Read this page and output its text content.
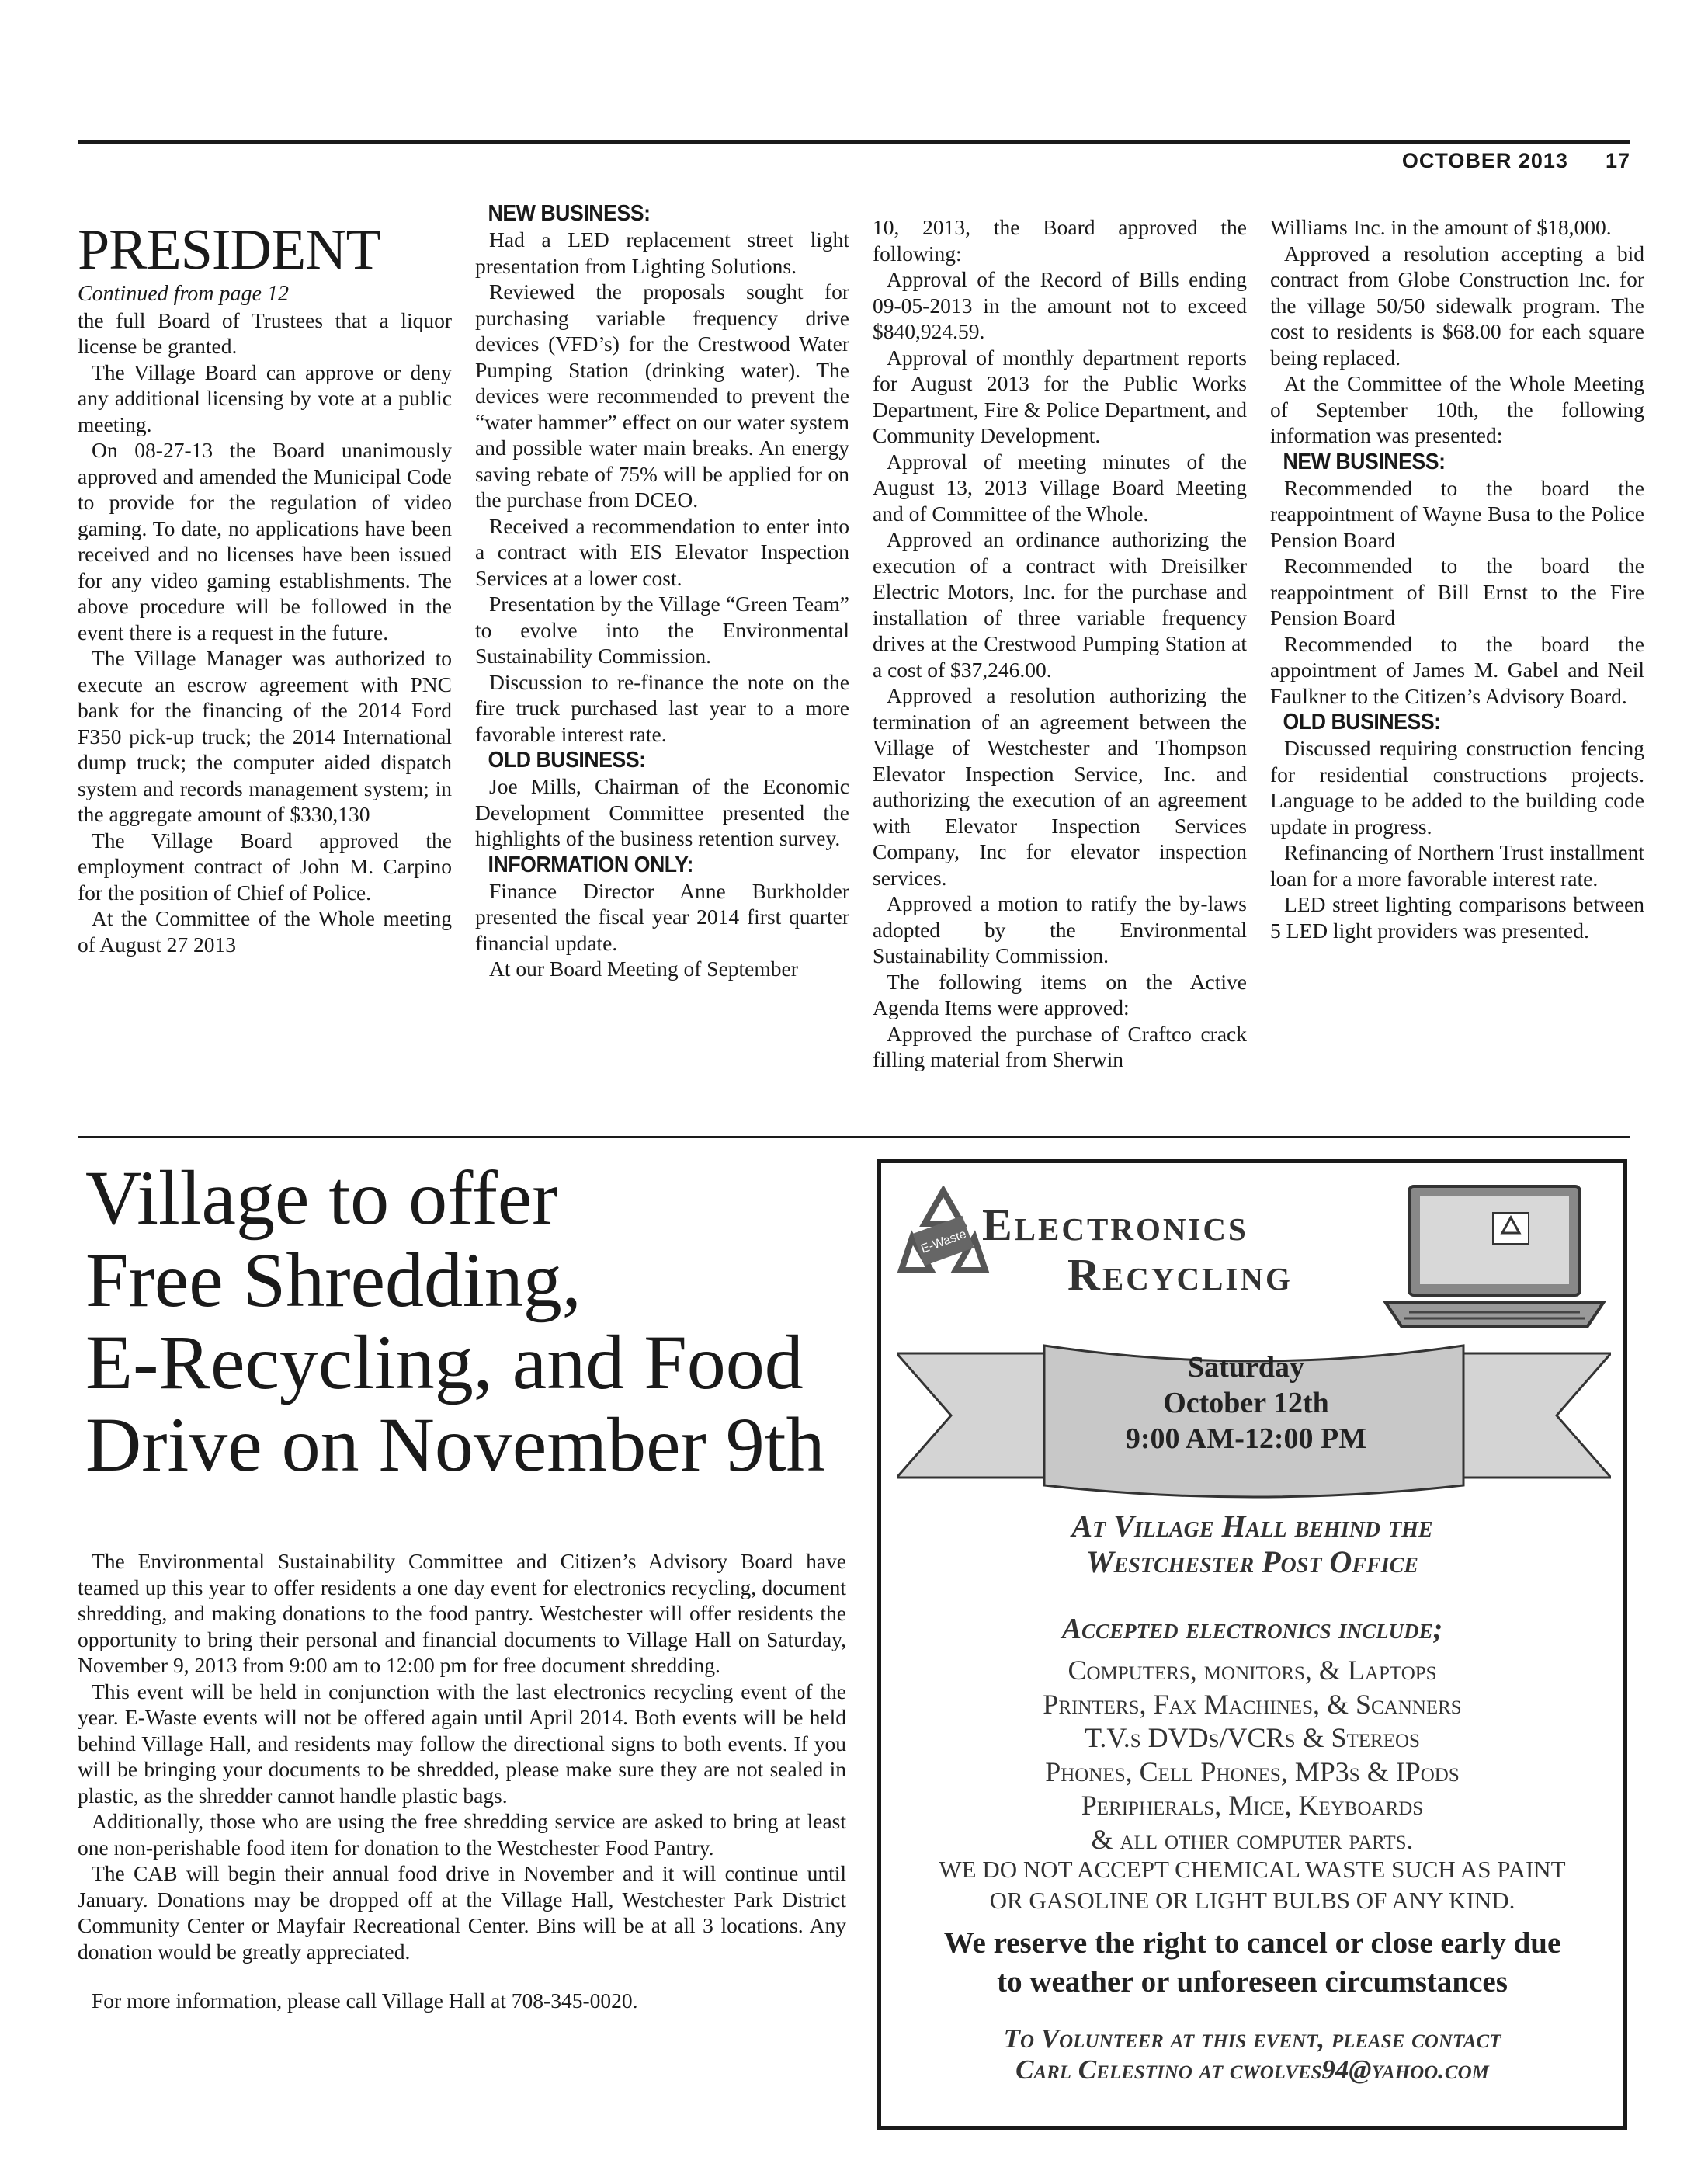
OCTOBER 2013 17

PRESIDENT

Continued from page 12

the full Board of Trustees that a liquor license be granted.

The Village Board can approve or deny any additional licensing by vote at a public meeting.

On 08-27-13 the Board unanimously approved and amended the Municipal Code to provide for the regulation of video gaming. To date, no applications have been received and no licenses have been issued for any video gaming establishments. The above procedure will be followed in the event there is a request in the future.

The Village Manager was authorized to execute an escrow agreement with PNC bank for the financing of the 2014 Ford F350 pick-up truck; the 2014 International dump truck; the computer aided dispatch system and records management system; in the aggregate amount of $330,130

The Village Board approved the employment contract of John M. Carpino for the position of Chief of Police.

At the Committee of the Whole meeting of August 27 2013

NEW BUSINESS:

Had a LED replacement street light presentation from Lighting Solutions.

Reviewed the proposals sought for purchasing variable frequency drive devices (VFD’s) for the Crestwood Water Pumping Station (drinking water). The devices were recommended to prevent the “water hammer” effect on our water system and possible water main breaks. An energy saving rebate of 75% will be applied for on the purchase from DCEO.

Received a recommendation to enter into a contract with EIS Elevator Inspection Services at a lower cost.

Presentation by the Village “Green Team” to evolve into the Environmental Sustainability Commission.

Discussion to re-finance the note on the fire truck purchased last year to a more favorable interest rate.

OLD BUSINESS:

Joe Mills, Chairman of the Economic Development Committee presented the highlights of the business retention survey.

INFORMATION ONLY:

Finance Director Anne Burkholder presented the fiscal year 2014 first quarter financial update.

At our Board Meeting of September

10, 2013, the Board approved the following:

Approval of the Record of Bills ending 09-05-2013 in the amount not to exceed $840,924.59.

Approval of monthly department reports for August 2013 for the Public Works Department, Fire & Police Department, and Community Development.

Approval of meeting minutes of the August 13, 2013 Village Board Meeting and of Committee of the Whole.

Approved an ordinance authorizing the execution of a contract with Dreisilker Electric Motors, Inc. for the purchase and installation of three variable frequency drives at the Crestwood Pumping Station at a cost of $37,246.00.

Approved a resolution authorizing the termination of an agreement between the Village of Westchester and Thompson Elevator Inspection Service, Inc. and authorizing the execution of an agreement with Elevator Inspection Services Company, Inc for elevator inspection services.

Approved a motion to ratify the by-laws adopted by the Environmental Sustainability Commission.

The following items on the Active Agenda Items were approved:

Approved the purchase of Craftco crack filling material from Sherwin

Williams Inc. in the amount of $18,000.

Approved a resolution accepting a bid contract from Globe Construction Inc. for the village 50/50 sidewalk program. The cost to residents is $68.00 for each square being replaced.

At the Committee of the Whole Meeting of September 10th, the following information was presented:

NEW BUSINESS:

Recommended to the board the reappointment of Wayne Busa to the Police Pension Board

Recommended to the board the reappointment of Bill Ernst to the Fire Pension Board

Recommended to the board the appointment of James M. Gabel and Neil Faulkner to the Citizen’s Advisory Board.

OLD BUSINESS:

Discussed requiring construction fencing for residential constructions projects. Language to be added to the building code update in progress.

Refinancing of Northern Trust installment loan for a more favorable interest rate.

LED street lighting comparisons between 5 LED light providers was presented.

Village to offer
Free Shredding,
E-Recycling, and Food
Drive on November 9th

The Environmental Sustainability Committee and Citizen’s Advisory Board have teamed up this year to offer residents a one day event for electronics recycling, document shredding, and making donations to the food pantry. Westchester will offer residents the opportunity to bring their personal and financial documents to Village Hall on Saturday, November 9, 2013 from 9:00 am to 12:00 pm for free document shredding.

This event will be held in conjunction with the last electronics recycling event of the year. E-Waste events will not be offered again until April 2014. Both events will be held behind Village Hall, and residents may follow the directional signs to both events. If you will be bringing your documents to be shredded, please make sure they are not sealed in plastic, as the shredder cannot handle plastic bags.

Additionally, those who are using the free shredding service are asked to bring at least one non-perishable food item for donation to the Westchester Food Pantry.

The CAB will begin their annual food drive in November and it will continue until January. Donations may be dropped off at the Village Hall, Westchester Park District Community Center or Mayfair Recreational Center. Bins will be at all 3 locations. Any donation would be greatly appreciated.

For more information, please call Village Hall at 708-345-0020.

E-Waste Electronics
Recycling
Saturday
October 12th
9:00 AM-12:00 PM
At Village Hall behind the
Westchester Post Office
Accepted electronics include;
Computers, monitors, & Laptops
Printers, Fax Machines, & Scanners
T.V.s DVDs/VCRs & Stereos
Phones, Cell Phones, MP3s & IPods
Peripherals, Mice, Keyboards
& all other computer parts.
WE DO NOT ACCEPT CHEMICAL WASTE SUCH AS PAINT
OR GASOLINE OR LIGHT BULBS OF ANY KIND.
We reserve the right to cancel or close early due
to weather or unforeseen circumstances
To Volunteer at this event, please contact
Carl Celestino at cwolves94@yahoo.com
